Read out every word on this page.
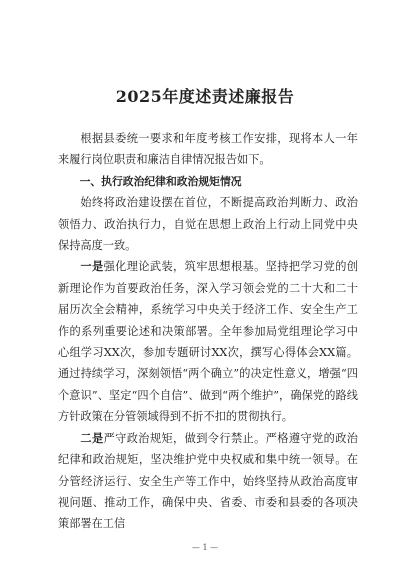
2025年度述责述廉报告

根据县委统一要求和年度考核工作安排，现将本人一年来履行岗位职责和廉洁自律情况报告如下。

一、执行政治纪律和政治规矩情况

始终将政治建设摆在首位，不断提高政治判断力、政治领悟力、政治执行力，自觉在思想上政治上行动上同党中央保持高度一致。

一是强化理论武装，筑牢思想根基。坚持把学习党的创新理论作为首要政治任务，深入学习领会党的二十大和二十届历次全会精神，系统学习中央关于经济工作、安全生产工作的系列重要论述和决策部署。全年参加局党组理论学习中心组学习XX次，参加专题研讨XX次，撰写心得体会XX篇。通过持续学习，深刻领悟“两个确立”的决定性意义，增强“四个意识”、坚定“四个自信”、做到“两个维护”，确保党的路线方针政策在分管领域得到不折不扣的贯彻执行。

二是严守政治规矩，做到令行禁止。严格遵守党的政治纪律和政治规矩，坚决维护党中央权威和集中统一领导。在分管经济运行、安全生产等工作中，始终坚持从政治高度审视问题、推动工作，确保中央、省委、市委和县委的各项决策部署在工信

— 1 —
